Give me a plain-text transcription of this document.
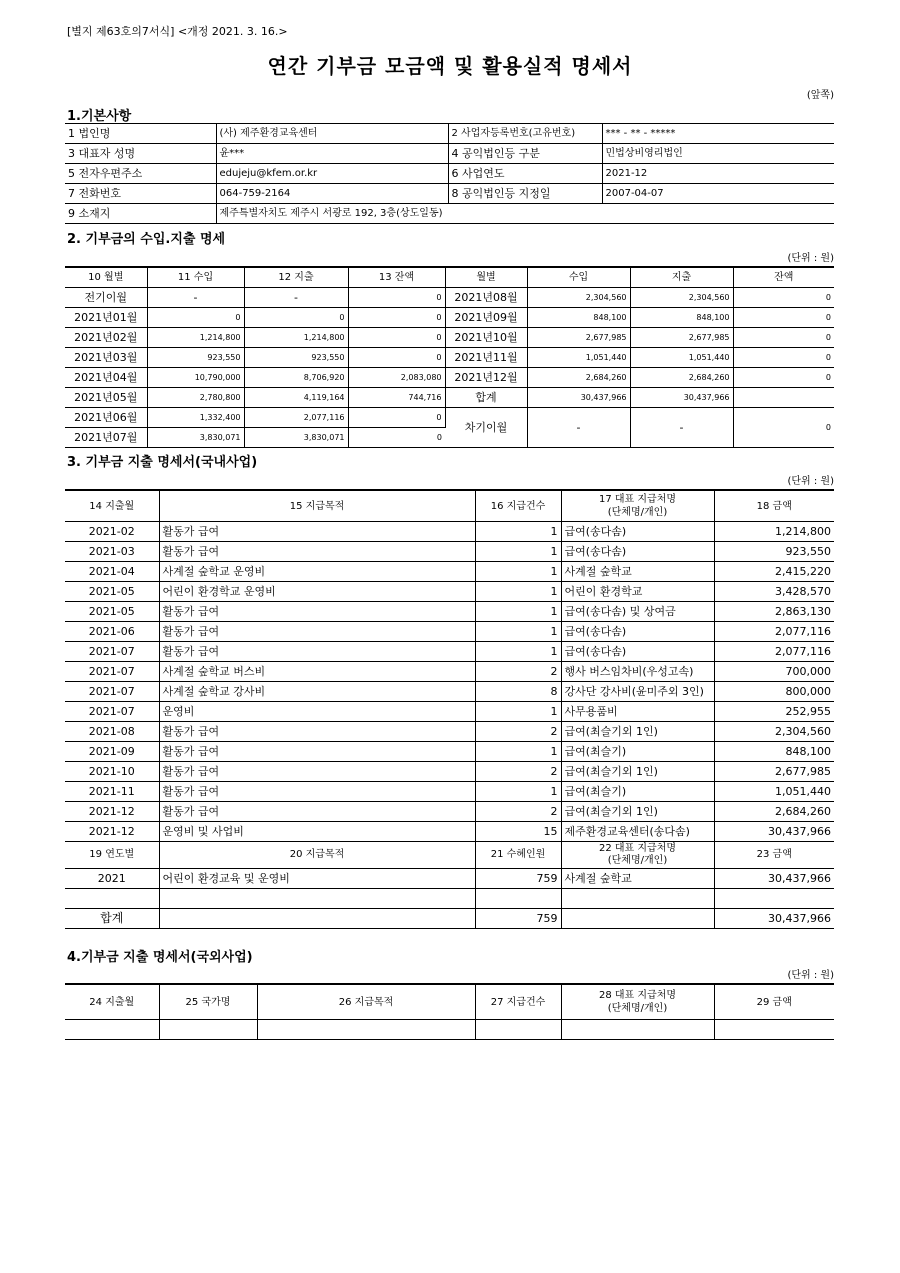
[별지 제63호의7서식] <개정 2021. 3. 16.>
연간 기부금 모금액 및 활용실적 명세서
(앞쪽)
1.기본사항
1 법인명	(사) 제주환경교육센터	2 사업자등록번호(고유번호)	*** - ** - *****
3 대표자 성명	윤***	4 공익법인등 구분	민법상비영리법인
5 전자우편주소	edujeju@kfem.or.kr	6 사업연도	2021-12
7 전화번호	064-759-2164	8 공익법인등 지정일	2007-04-07
9 소재지	제주특별자치도 제주시 서광로 192, 3층(상도일동)		
2. 기부금의 수입.지출 명세
(단위 : 원)
10 월별	11 수입	12 지출	13 잔액	월별	수입	지출	잔액
전기이월	-	-	0	2021년08월	2,304,560	2,304,560	0
2021년01월	0	0	0	2021년09월	848,100	848,100	0
2021년02월	1,214,800	1,214,800	0	2021년10월	2,677,985	2,677,985	0
2021년03월	923,550	923,550	0	2021년11월	1,051,440	1,051,440	0
2021년04월	10,790,000	8,706,920	2,083,080	2021년12월	2,684,260	2,684,260	0
2021년05월	2,780,800	4,119,164	744,716	합계	30,437,966	30,437,966	
2021년06월	1,332,400	2,077,116	0	차기이월	-	-	0
2021년07월	3,830,071	3,830,071	0				
3. 기부금 지출 명세서(국내사업)
(단위 : 원)
14 지출월	15 지급목적	16 지급건수	17 대표 지급처명
(단체명/개인)	18 금액
2021-02	활동가 급여	1	급여(송다솜)	1,214,800
2021-03	활동가 급여	1	급여(송다솜)	923,550
2021-04	사계절 숲학교 운영비	1	사계절 숲학교	2,415,220
2021-05	어린이 환경학교 운영비	1	어린이 환경학교	3,428,570
2021-05	활동가 급여	1	급여(송다솜) 및 상여금	2,863,130
2021-06	활동가 급여	1	급여(송다솜)	2,077,116
2021-07	활동가 급여	1	급여(송다솜)	2,077,116
2021-07	사계절 숲학교 버스비	2	행사 버스임차비(우성고속)	700,000
2021-07	사계절 숲학교 강사비	8	강사단 강사비(윤미주외 3인)	800,000
2021-07	운영비	1	사무용품비	252,955
2021-08	활동가 급여	2	급여(최슬기외 1인)	2,304,560
2021-09	활동가 급여	1	급여(최슬기)	848,100
2021-10	활동가 급여	2	급여(최슬기외 1인)	2,677,985
2021-11	활동가 급여	1	급여(최슬기)	1,051,440
2021-12	활동가 급여	2	급여(최슬기외 1인)	2,684,260
2021-12	운영비 및 사업비	15	제주환경교육센터(송다솜)	30,437,966
19 연도별	20 지급목적	21 수혜인원	22 대표 지급처명
(단체명/개인)	23 금액
2021	어린이 환경교육 및 운영비	759	사계절 숲학교	30,437,966

합계		759		30,437,966
4.기부금 지출 명세서(국외사업)
(단위 : 원)
24 지출월	25 국가명	26 지급목적	27 지급건수	28 대표 지급처명
(단체명/개인)	29 금액
